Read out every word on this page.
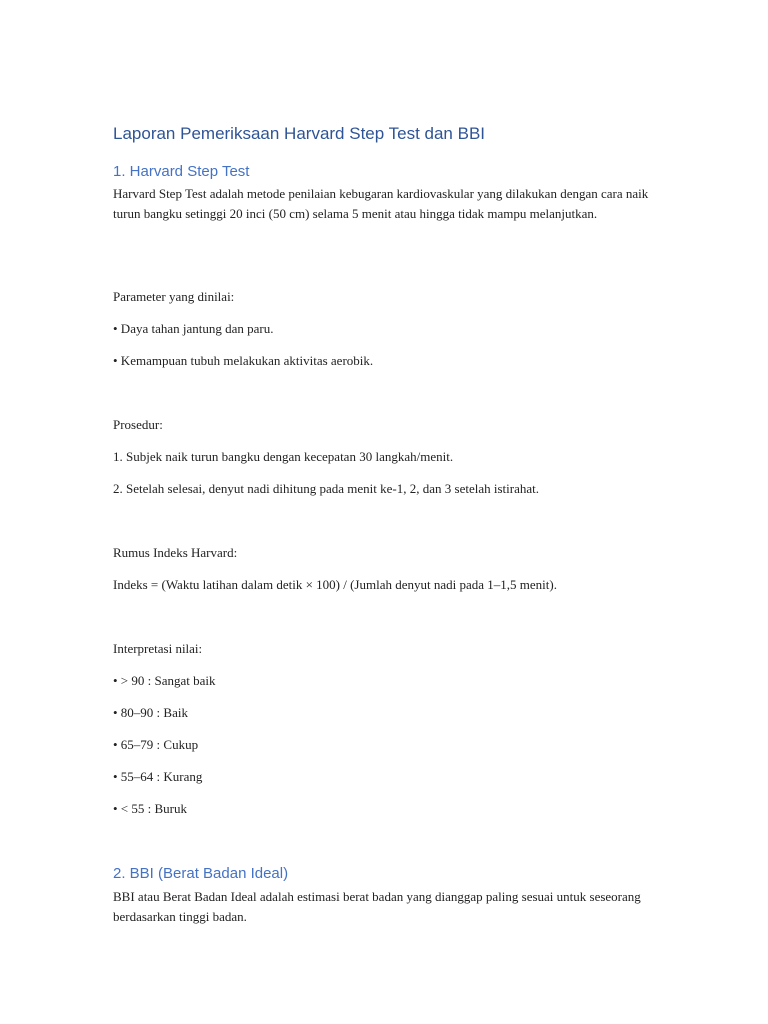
Laporan Pemeriksaan Harvard Step Test dan BBI
1. Harvard Step Test

Harvard Step Test adalah metode penilaian kebugaran kardiovaskular yang dilakukan dengan cara naik turun bangku setinggi 20 inci (50 cm) selama 5 menit atau hingga tidak mampu melanjutkan.

Parameter yang dinilai:

• Daya tahan jantung dan paru.

• Kemampuan tubuh melakukan aktivitas aerobik.

Prosedur:

1. Subjek naik turun bangku dengan kecepatan 30 langkah/menit.

2. Setelah selesai, denyut nadi dihitung pada menit ke-1, 2, dan 3 setelah istirahat.

Rumus Indeks Harvard:

Indeks = (Waktu latihan dalam detik × 100) / (Jumlah denyut nadi pada 1–1,5 menit).

Interpretasi nilai:

• > 90 : Sangat baik

• 80–90 : Baik

• 65–79 : Cukup

• 55–64 : Kurang

• < 55 : Buruk

2. BBI (Berat Badan Ideal)

BBI atau Berat Badan Ideal adalah estimasi berat badan yang dianggap paling sesuai untuk seseorang berdasarkan tinggi badan.
